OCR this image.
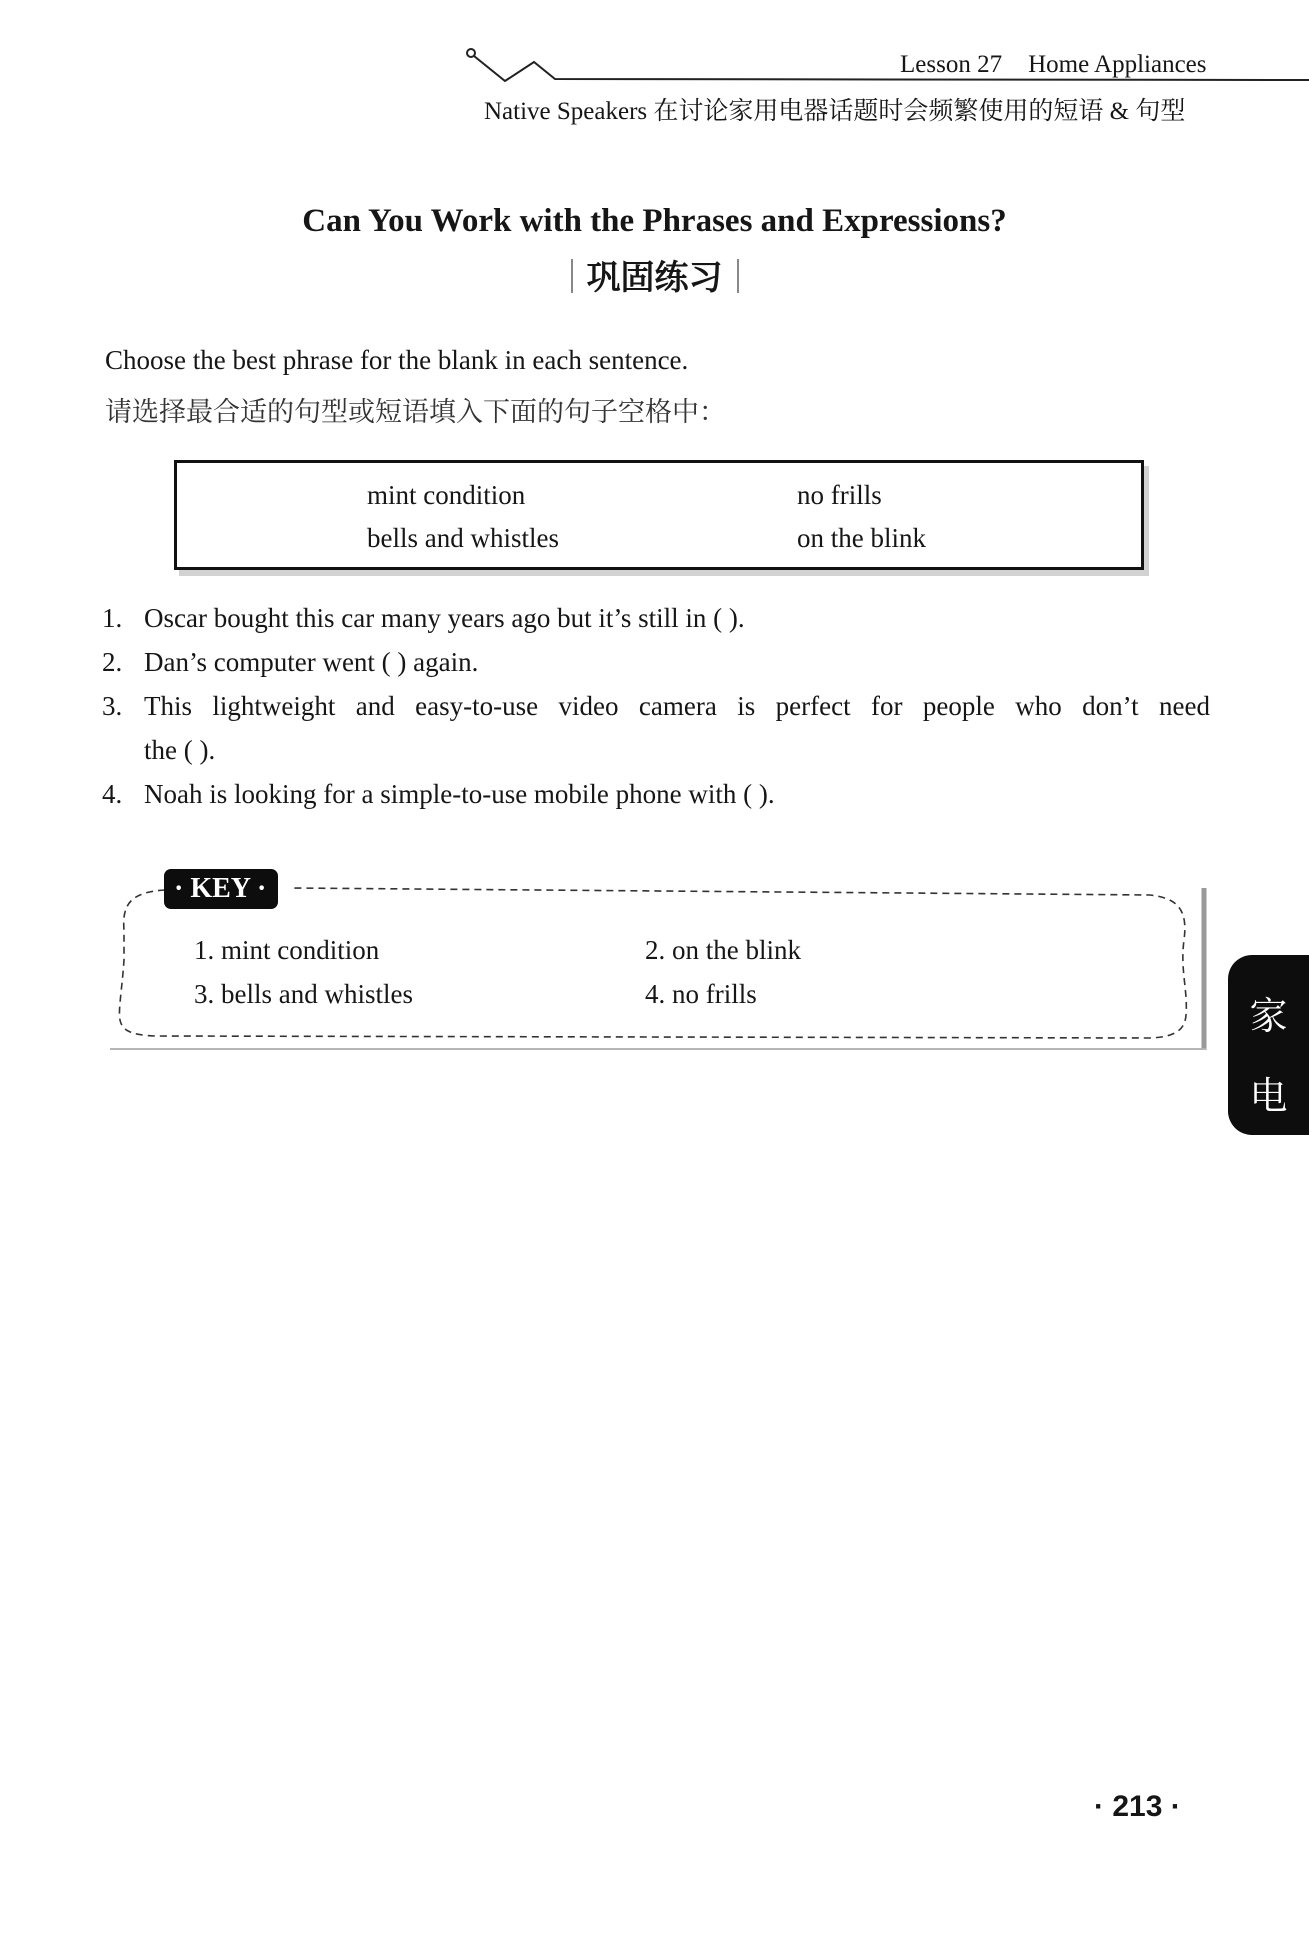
Lesson 27 Home Appliances
Native Speakers 在讨论家用电器话题时会频繁使用的短语 & 句型
Can You Work with the Phrases and Expressions?
巩固练习
Choose the best phrase for the blank in each sentence.
请选择最合适的句型或短语填入下面的句子空格中：
mint condition	no frills
bells and whistles	on the blink
1. Oscar bought this car many years ago but it’s still in ( ).
2. Dan’s computer went ( ) again.
3. This lightweight and easy-to-use video camera is perfect for people who don’t need
the ( ).
4. Noah is looking for a simple-to-use mobile phone with ( ).
· KEY ·
1. mint condition	2. on the blink
3. bells and whistles	4. no frills
家
电
· 213 ·
